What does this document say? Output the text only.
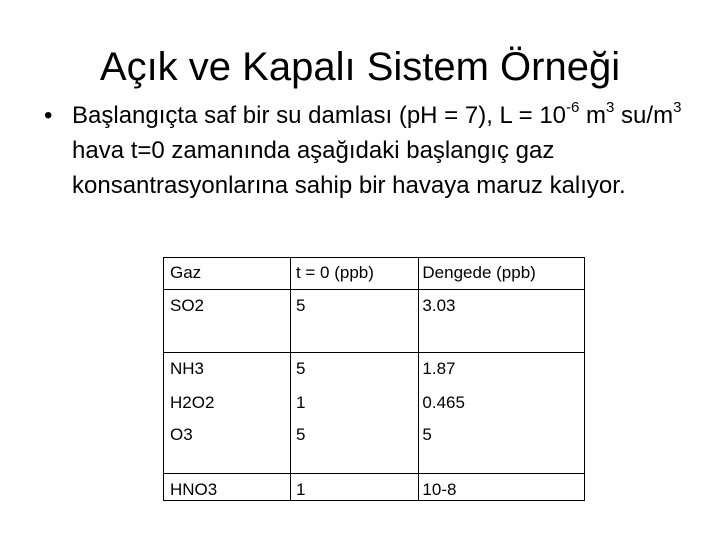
Açık ve Kapalı Sistem Örneği
• Başlangıçta saf bir su damlası (pH = 7), $L = 10^{-6}$ $m^3$ $su/m^3$ hava t=0 zamanında aşağıdaki başlangıç gaz konsantrasyonlarına sahip bir havaya maruz kalıyor.
Gaz	t = 0 (ppb)	Dengede (ppb)
SO2	5	3.03
NH3	5	1.87
H2O2	1	0.465
O3	5	5
HNO3	1	10-8
